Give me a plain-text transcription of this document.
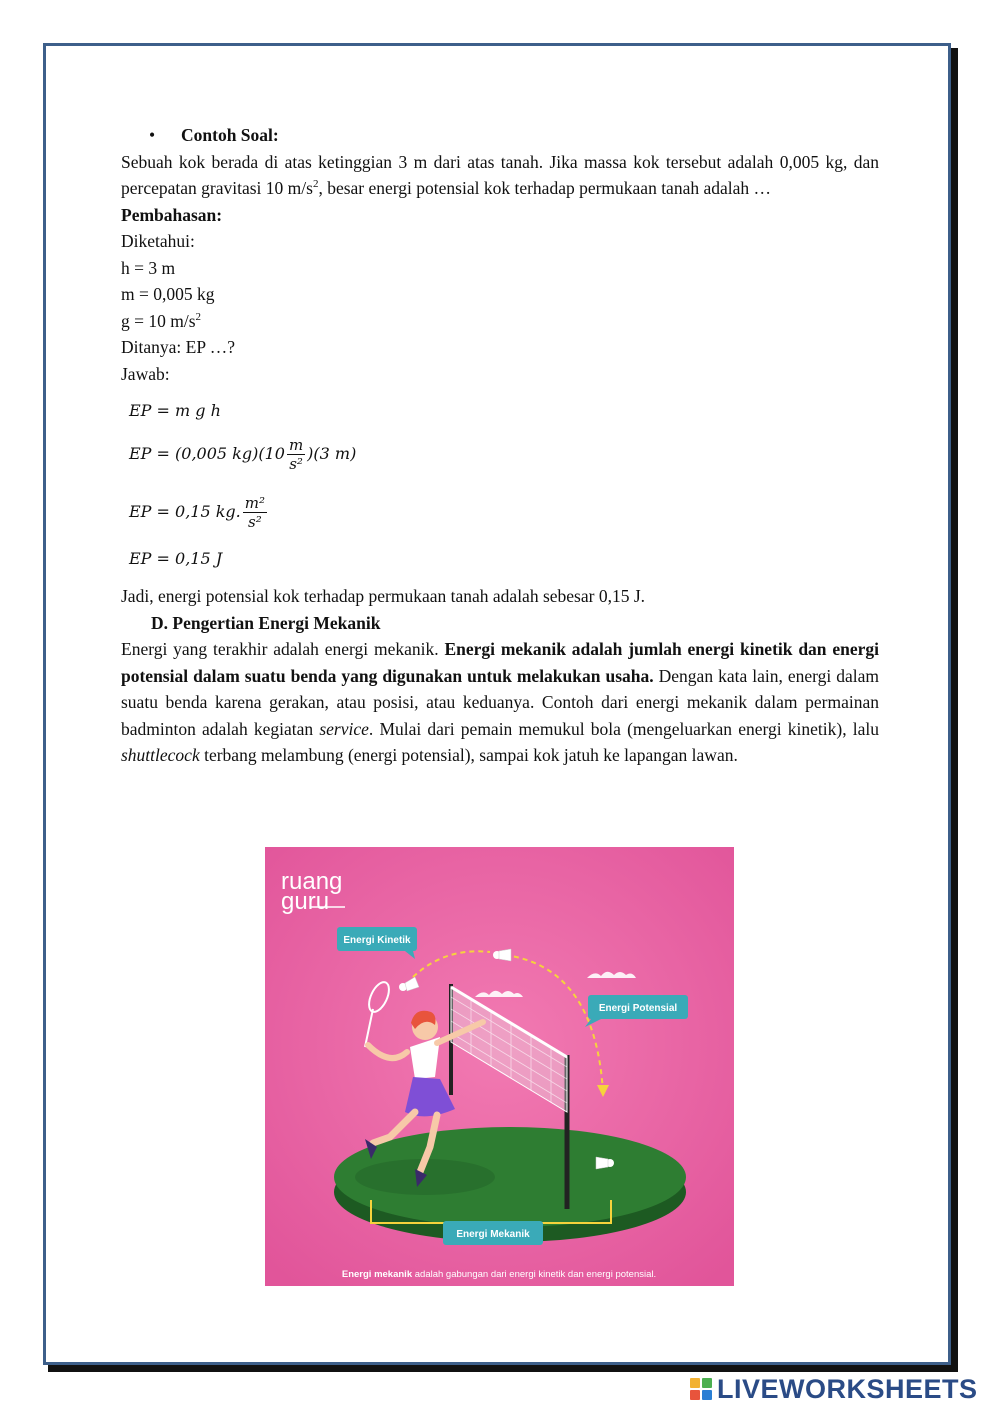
• Contoh Soal:

Sebuah kok berada di atas ketinggian 3 m dari atas tanah. Jika massa kok tersebut adalah 0,005 kg, dan percepatan gravitasi 10 $m/s^2$, besar energi potensial kok terhadap permukaan tanah adalah …

Pembahasan:

Diketahui:

h = 3 m

m = 0,005 kg

g = 10 $m/s^2$

Ditanya: EP …?

Jawab:

EP = m g h
EP = (0,005 $kg)(10 \frac{m}{\text{s²}} )(3$ m)
EP = 0,15 kg. $\frac{\text{m²}}{\text{s²}}$
EP = 0,15 J

Jadi, energi potensial kok terhadap permukaan tanah adalah sebesar 0,15 J.

D. Pengertian Energi Mekanik

Energi yang terakhir adalah energi mekanik. Energi mekanik adalah jumlah energi kinetik dan energi potensial dalam suatu benda yang digunakan untuk melakukan usaha. Dengan kata lain, energi dalam suatu benda karena gerakan, atau posisi, atau keduanya. Contoh dari energi mekanik dalam permainan badminton adalah kegiatan service. Mulai dari pemain memukul bola (mengeluarkan energi kinetik), lalu shuttlecock terbang melambung (energi potensial), sampai kok jatuh ke lapangan lawan.

ruang
guru
Energi Kinetik
Energi Potensial
Energi Mekanik
Energi mekanik adalah gabungan dari energi kinetik dan energi potensial.
LIVEWORKSHEETS
